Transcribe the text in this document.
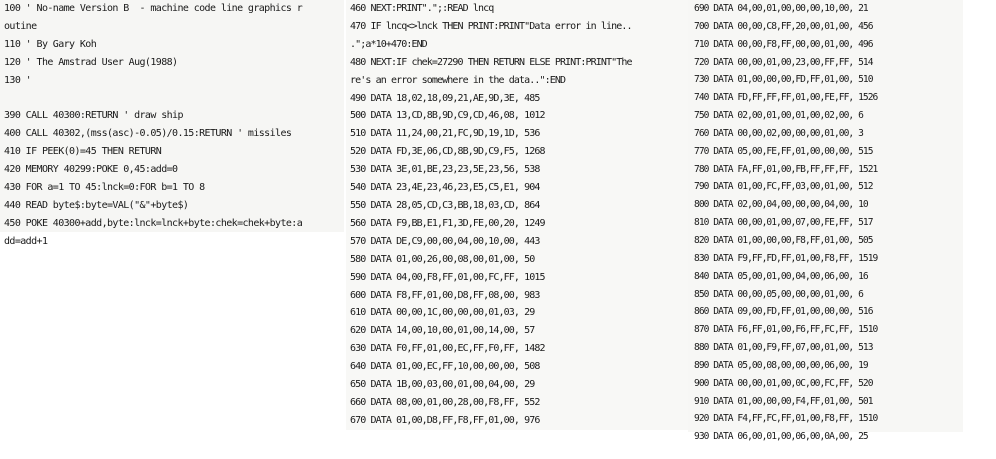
100 ' No-name Version B  - machine code line graphics r
outine
110 ' By Gary Koh
120 ' The Amstrad User Aug(1988)
130 '
390 CALL 40300:RETURN ' draw ship
400 CALL 40302,(mss(asc)-0.05)/0.15:RETURN ' missiles
410 IF PEEK(0)=45 THEN RETURN
420 MEMORY 40299:POKE 0,45:add=0
430 FOR a=1 TO 45:lnck=0:FOR b=1 TO 8
440 READ byte$:byte=VAL("&"+byte$)
450 POKE 40300+add,byte:lnck=lnck+byte:chek=chek+byte:a
dd=add+1
460 NEXT:PRINT".";:READ lncq
470 IF lncq<>lnck THEN PRINT:PRINT"Data error in line..
.";a*10+470:END
480 NEXT:IF chek=27290 THEN RETURN ELSE PRINT:PRINT"The
re's an error somewhere in the data..":END
490 DATA 18,02,18,09,21,AE,9D,3E, 485
500 DATA 13,CD,8B,9D,C9,CD,46,08, 1012
510 DATA 11,24,00,21,FC,9D,19,1D, 536
520 DATA FD,3E,06,CD,8B,9D,C9,F5, 1268
530 DATA 3E,01,BE,23,23,5E,23,56, 538
540 DATA 23,4E,23,46,23,E5,C5,E1, 904
550 DATA 28,05,CD,C3,BB,18,03,CD, 864
560 DATA F9,BB,E1,F1,3D,FE,00,20, 1249
570 DATA DE,C9,00,00,04,00,10,00, 443
580 DATA 01,00,26,00,08,00,01,00, 50
590 DATA 04,00,F8,FF,01,00,FC,FF, 1015
600 DATA F8,FF,01,00,D8,FF,08,00, 983
610 DATA 00,00,1C,00,00,00,01,03, 29
620 DATA 14,00,10,00,01,00,14,00, 57
630 DATA F0,FF,01,00,EC,FF,F0,FF, 1482
640 DATA 01,00,EC,FF,10,00,00,00, 508
650 DATA 1B,00,03,00,01,00,04,00, 29
660 DATA 08,00,01,00,28,00,F8,FF, 552
670 DATA 01,00,D8,FF,F8,FF,01,00, 976
690 DATA 04,00,01,00,00,00,10,00, 21
700 DATA 00,00,C8,FF,20,00,01,00, 456
710 DATA 00,00,F8,FF,00,00,01,00, 496
720 DATA 00,00,01,00,23,00,FF,FF, 514
730 DATA 01,00,00,00,FD,FF,01,00, 510
740 DATA FD,FF,FF,FF,01,00,FE,FF, 1526
750 DATA 02,00,01,00,01,00,02,00, 6
760 DATA 00,00,02,00,00,00,01,00, 3
770 DATA 05,00,FE,FF,01,00,00,00, 515
780 DATA FA,FF,01,00,FB,FF,FF,FF, 1521
790 DATA 01,00,FC,FF,03,00,01,00, 512
800 DATA 02,00,04,00,00,00,04,00, 10
810 DATA 00,00,01,00,07,00,FE,FF, 517
820 DATA 01,00,00,00,F8,FF,01,00, 505
830 DATA F9,FF,FD,FF,01,00,F8,FF, 1519
840 DATA 05,00,01,00,04,00,06,00, 16
850 DATA 00,00,05,00,00,00,01,00, 6
860 DATA 09,00,FD,FF,01,00,00,00, 516
870 DATA F6,FF,01,00,F6,FF,FC,FF, 1510
880 DATA 01,00,F9,FF,07,00,01,00, 513
890 DATA 05,00,08,00,00,00,06,00, 19
900 DATA 00,00,01,00,0C,00,FC,FF, 520
910 DATA 01,00,00,00,F4,FF,01,00, 501
920 DATA F4,FF,FC,FF,01,00,F8,FF, 1510
930 DATA 06,00,01,00,06,00,0A,00, 25
